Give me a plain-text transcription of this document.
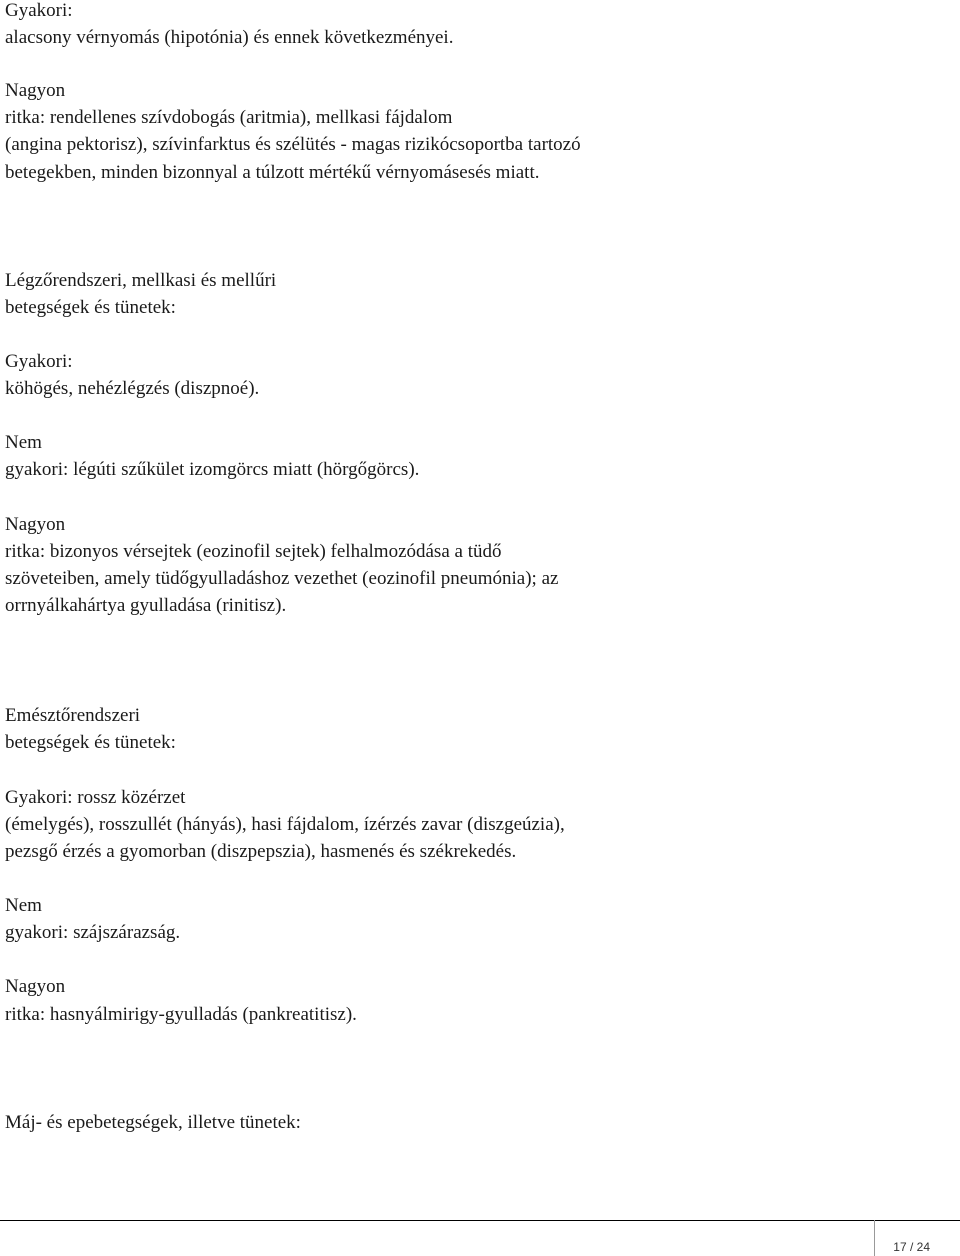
Gyakori:
alacsony vérnyomás (hipotónia) és ennek következményei.
Nagyon
ritka: rendellenes szívdobogás (aritmia), mellkasi fájdalom
(angina pektorisz), szívinfarktus és szélütés - magas rizikócsoportba tartozó
betegekben, minden bizonnyal a túlzott mértékű vérnyomásesés miatt.
Légzőrendszeri, mellkasi és mellűri
betegségek és tünetek:
Gyakori:
köhögés, nehézlégzés (diszpnoé).
Nem
gyakori: légúti szűkület izomgörcs miatt (hörgőgörcs).
Nagyon
ritka: bizonyos vérsejtek (eozinofil sejtek) felhalmozódása a tüdő
szöveteiben, amely tüdőgyulladáshoz vezethet (eozinofil pneumónia); az
orrnyálkahártya gyulladása (rinitisz).
Emésztőrendszeri
betegségek és tünetek:
Gyakori: rossz közérzet
(émelygés), rosszullét (hányás), hasi fájdalom, ízérzés zavar (diszgeúzia),
pezsgő érzés a gyomorban (diszpepszia), hasmenés és székrekedés.
Nem
gyakori: szájszárazság.
Nagyon
ritka: hasnyálmirigy-gyulladás (pankreatitisz).
Máj- és epebetegségek, illetve tünetek:
17 / 24
